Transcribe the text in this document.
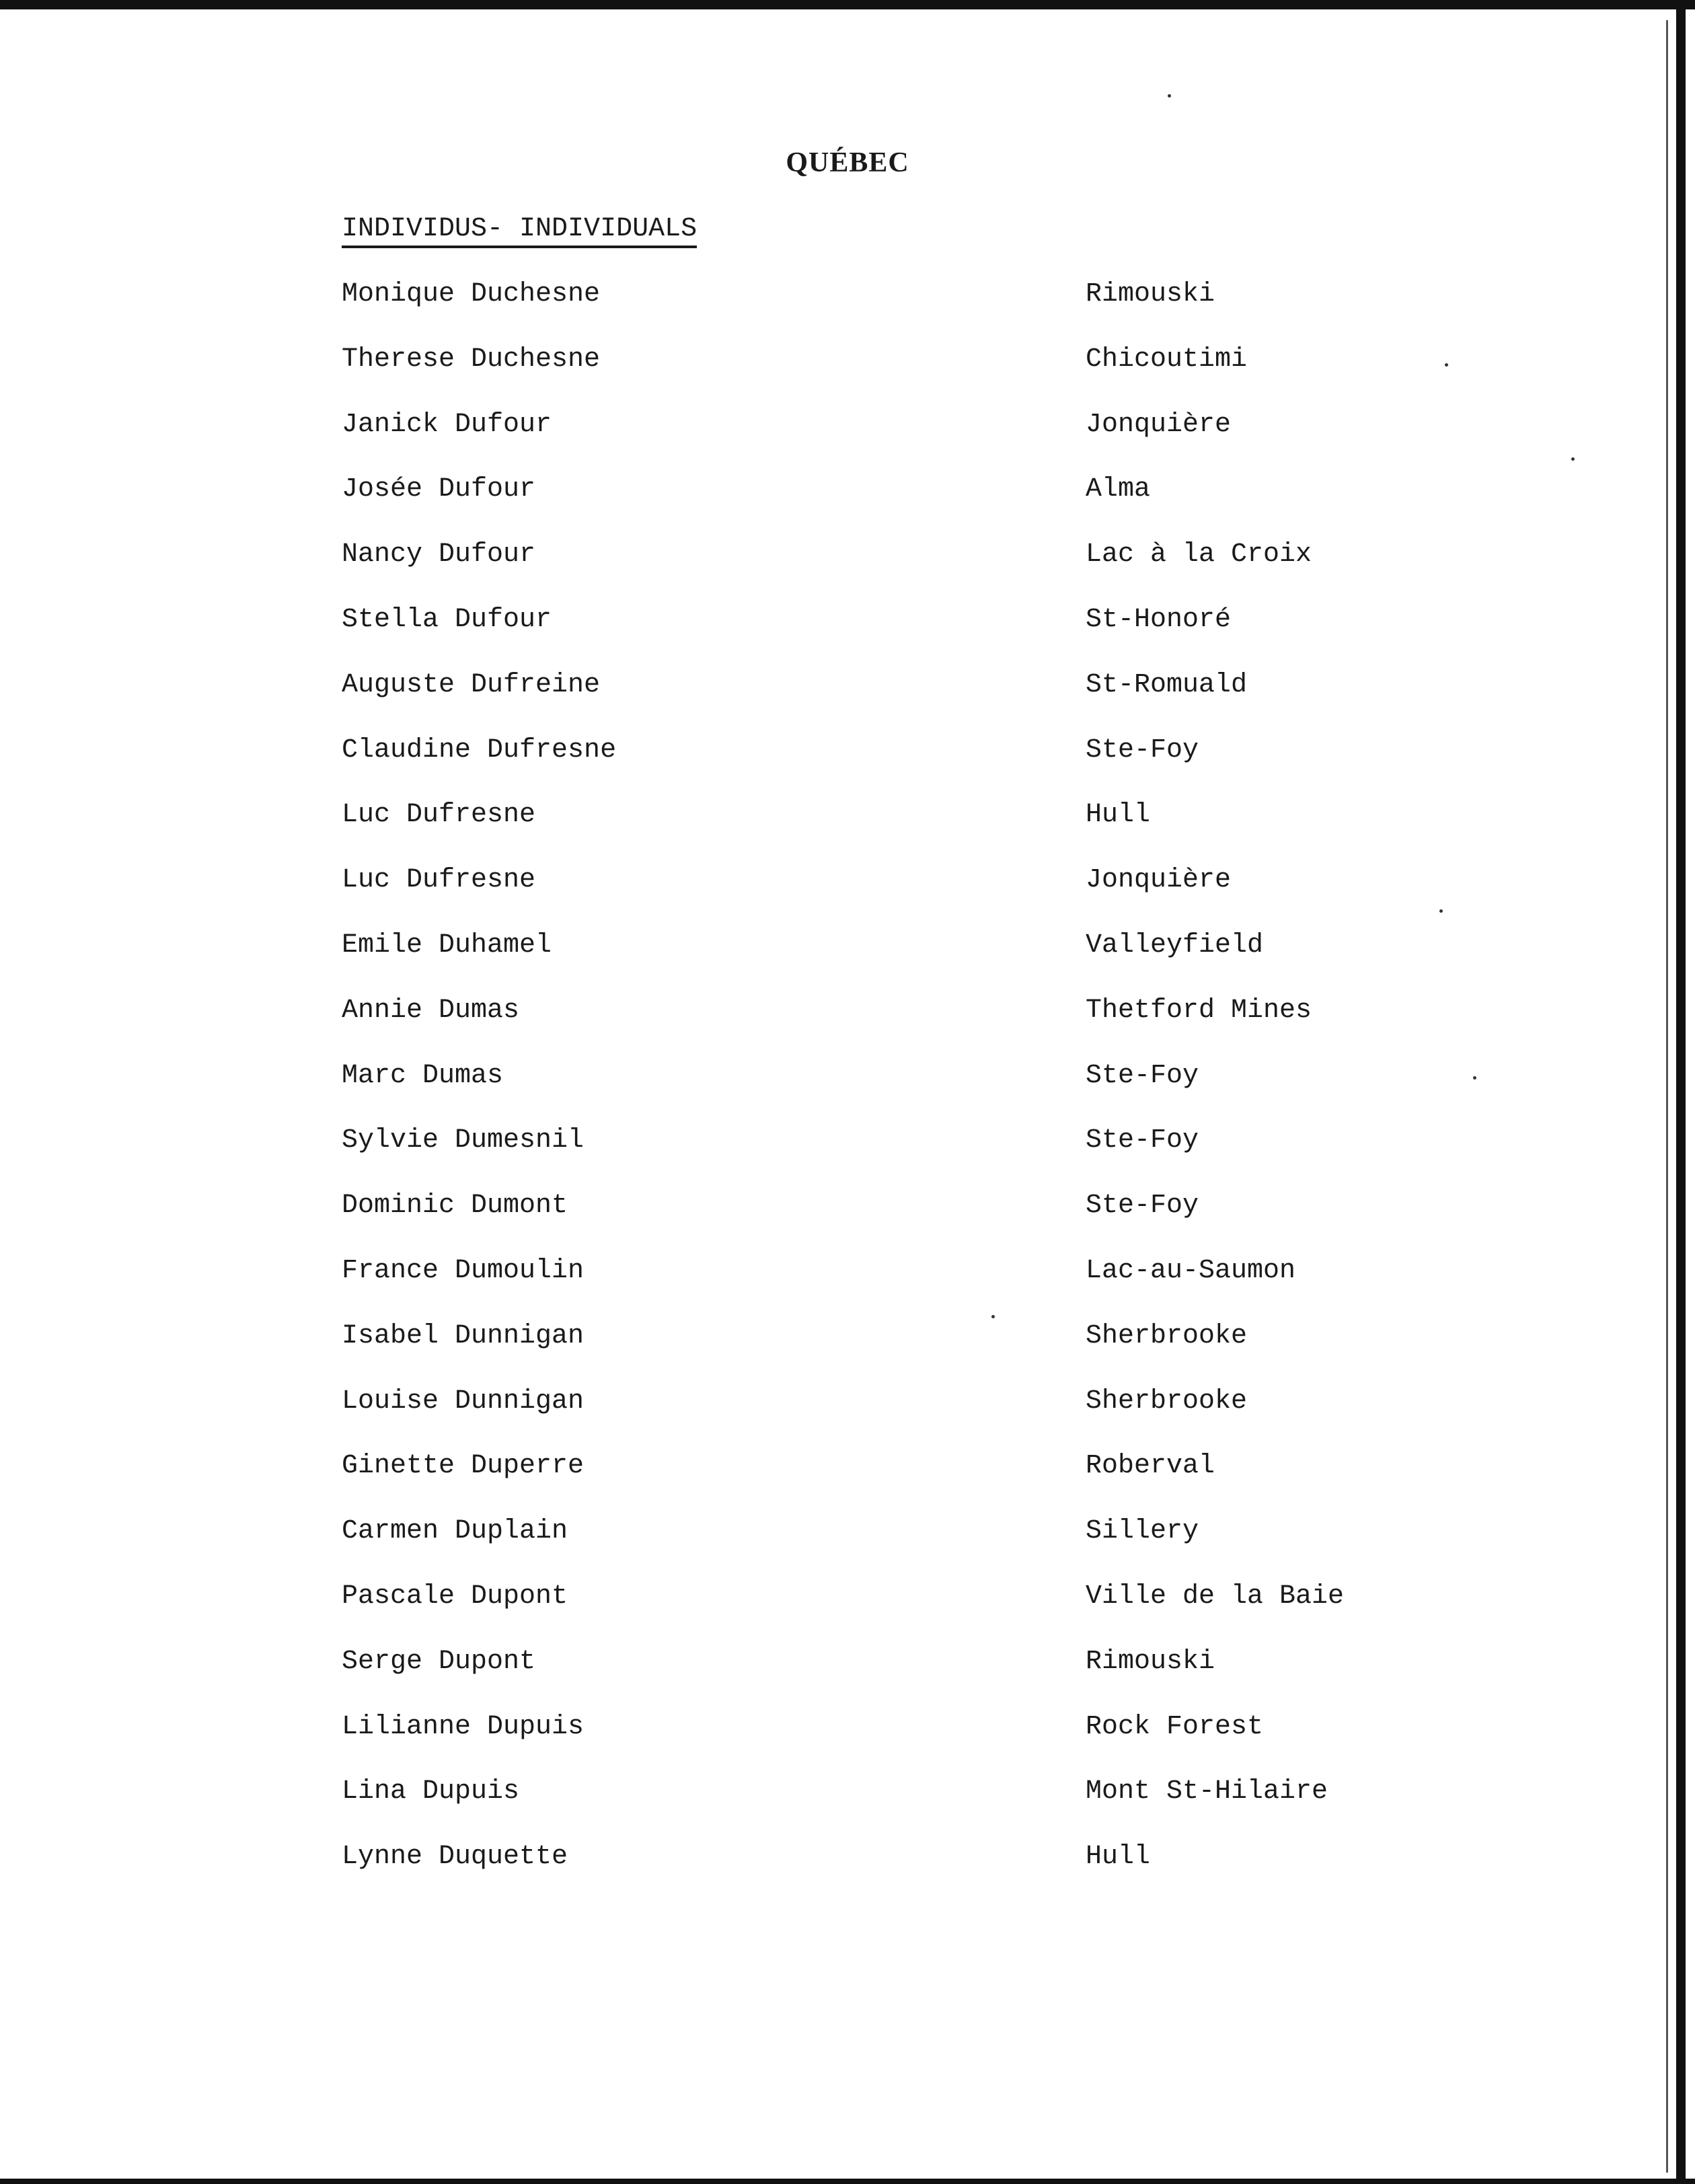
QUÉBEC
INDIVIDUS- INDIVIDUALS
Monique Duchesne	Rimouski
Therese Duchesne	Chicoutimi
Janick Dufour	Jonquière
Josée Dufour	Alma
Nancy Dufour	Lac à la Croix
Stella Dufour	St-Honoré
Auguste Dufreine	St-Romuald
Claudine Dufresne	Ste-Foy
Luc Dufresne	Hull
Luc Dufresne	Jonquière
Emile Duhamel	Valleyfield
Annie Dumas	Thetford Mines
Marc Dumas	Ste-Foy
Sylvie Dumesnil	Ste-Foy
Dominic Dumont	Ste-Foy
France Dumoulin	Lac-au-Saumon
Isabel Dunnigan	Sherbrooke
Louise Dunnigan	Sherbrooke
Ginette Duperre	Roberval
Carmen Duplain	Sillery
Pascale Dupont	Ville de la Baie
Serge Dupont	Rimouski
Lilianne Dupuis	Rock Forest
Lina Dupuis	Mont St-Hilaire
Lynne Duquette	Hull
